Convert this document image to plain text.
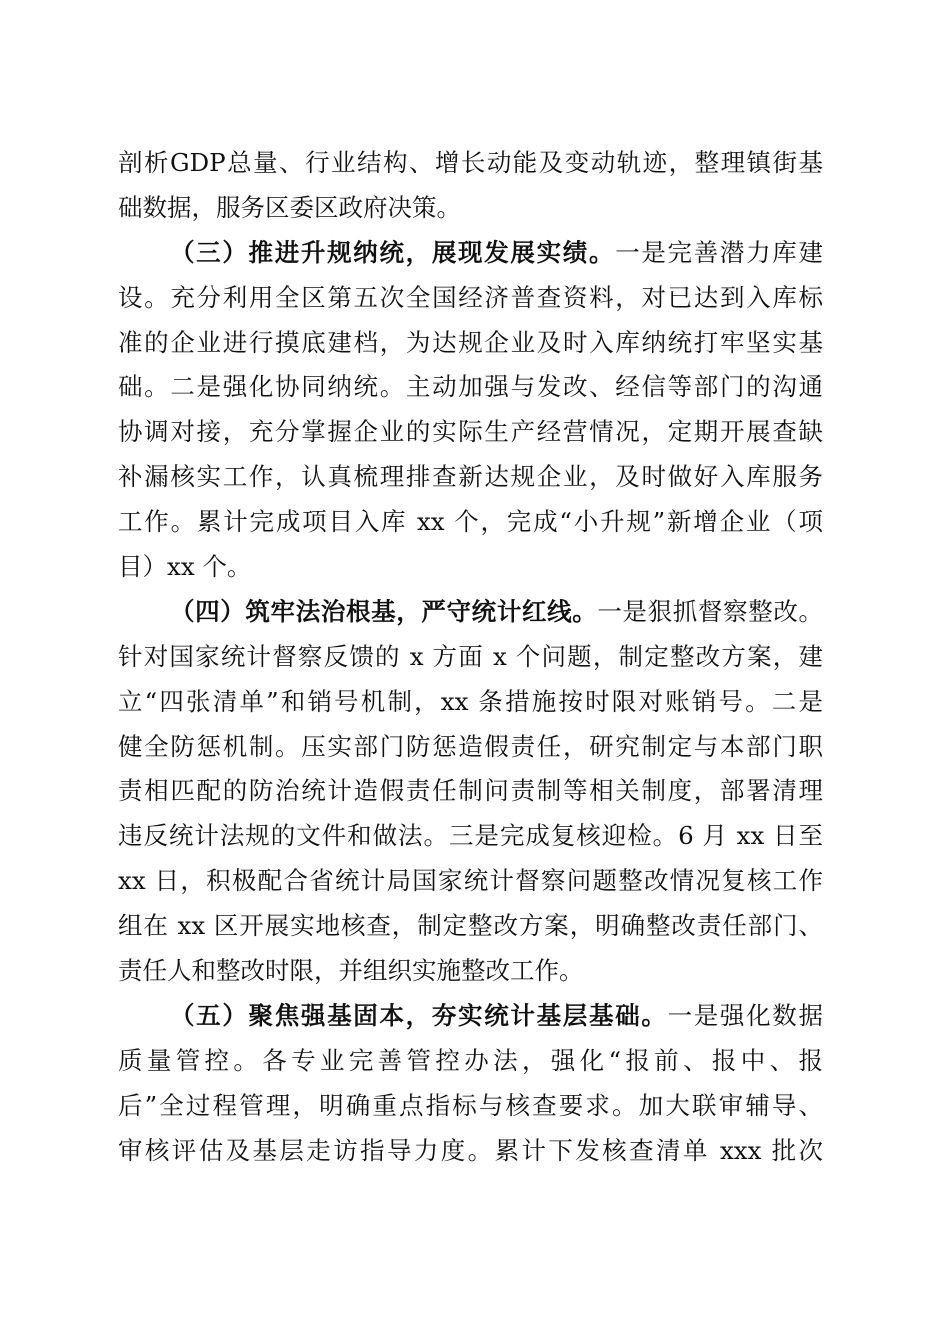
剖析GDP总量、行业结构、增长动能及变动轨迹，整理镇街基
础数据，服务区委区政府决策。
（三）推进升规纳统，展现发展实绩。一是完善潜力库建
设。充分利用全区第五次全国经济普查资料，对已达到入库标
准的企业进行摸底建档，为达规企业及时入库纳统打牢坚实基
础。二是强化协同纳统。主动加强与发改、经信等部门的沟通
协调对接，充分掌握企业的实际生产经营情况，定期开展查缺
补漏核实工作，认真梳理排查新达规企业，及时做好入库服务
工作。累计完成项目入库 xx 个，完成“小升规”新增企业（项
目）xx 个。
（四）筑牢法治根基，严守统计红线。一是狠抓督察整改。
针对国家统计督察反馈的 x 方面 x 个问题，制定整改方案，建
立“四张清单”和销号机制，xx 条措施按时限对账销号。二是
健全防惩机制。压实部门防惩造假责任，研究制定与本部门职
责相匹配的防治统计造假责任制问责制等相关制度，部署清理
违反统计法规的文件和做法。三是完成复核迎检。6 月 xx 日至
xx 日，积极配合省统计局国家统计督察问题整改情况复核工作
组在 xx 区开展实地核查，制定整改方案，明确整改责任部门、
责任人和整改时限，并组织实施整改工作。
（五）聚焦强基固本，夯实统计基层基础。一是强化数据
质量管控。各专业完善管控办法，强化“报前、报中、报
后”全过程管理，明确重点指标与核查要求。加大联审辅导、
审核评估及基层走访指导力度。累计下发核查清单 xxx 批次
